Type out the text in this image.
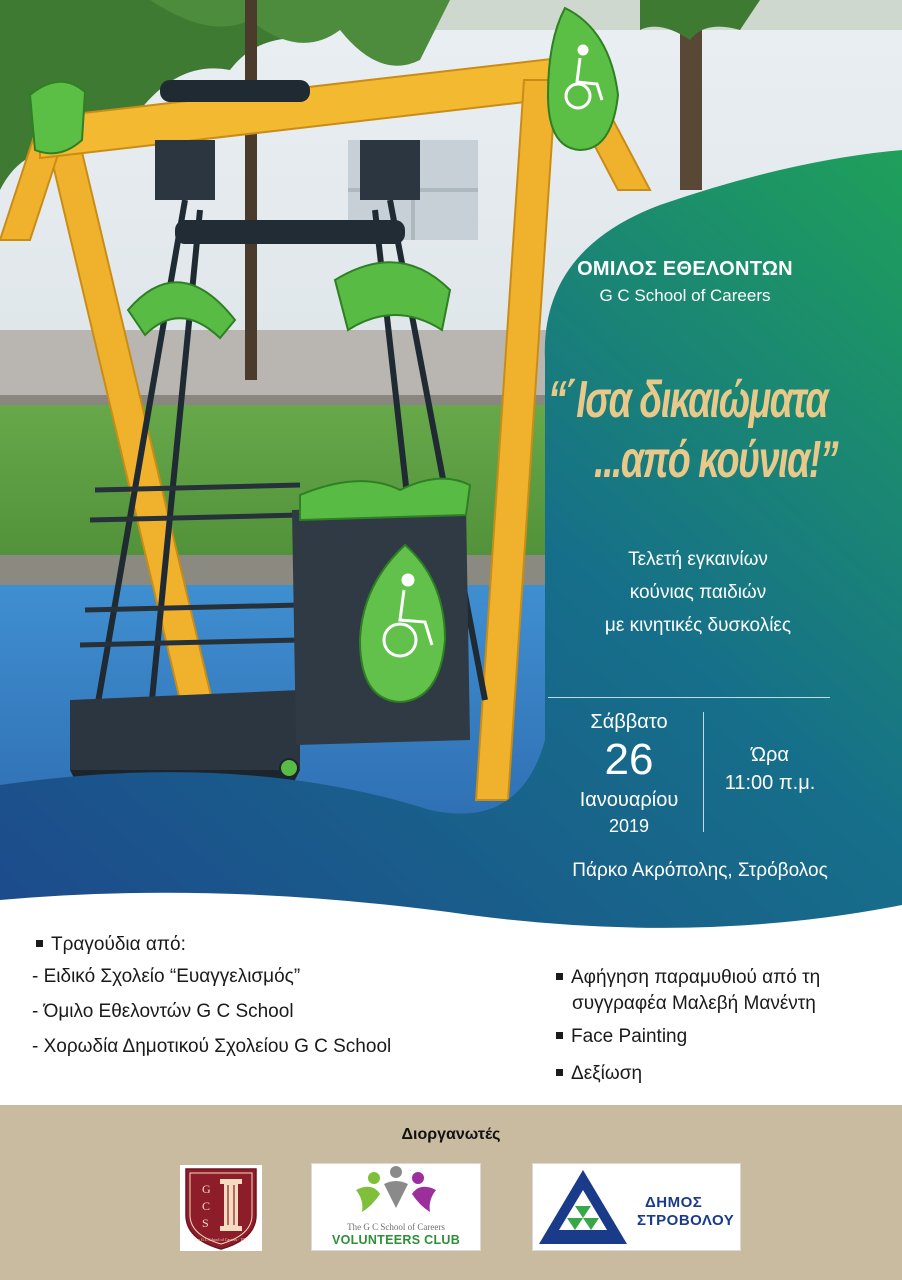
ΟΜΙΛΟΣ ΕΘΕΛΟΝΤΩΝ
G C School of Careers
“΄Ισα δικαιώματα
...από κούνια!”
Τελετή εγκαινίων
κούνιας παιδιών
με κινητικές δυσκολίες
Σάββατο
26
Ιανουαρίου
2019
Ώρα
11:00 π.μ.
Πάρκο Ακρόπολης, Στρόβολος
Τραγούδια από:
- Ειδικό Σχολείο “Ευαγγελισμός”
- Όμιλο Εθελοντών G C School
- Χορωδία Δημοτικού Σχολείου G C School
Αφήγηση παραμυθιού από τη
συγγραφέα Μαλεβή Μανέντη
Face Painting
Δεξίωση
Διοργανωτές
G
C
S
The G C School of Careers · 1973
The G C School of Careers
VOLUNTEERS CLUB
ΔΗΜΟΣ
ΣΤΡΟΒΟΛΟΥ
